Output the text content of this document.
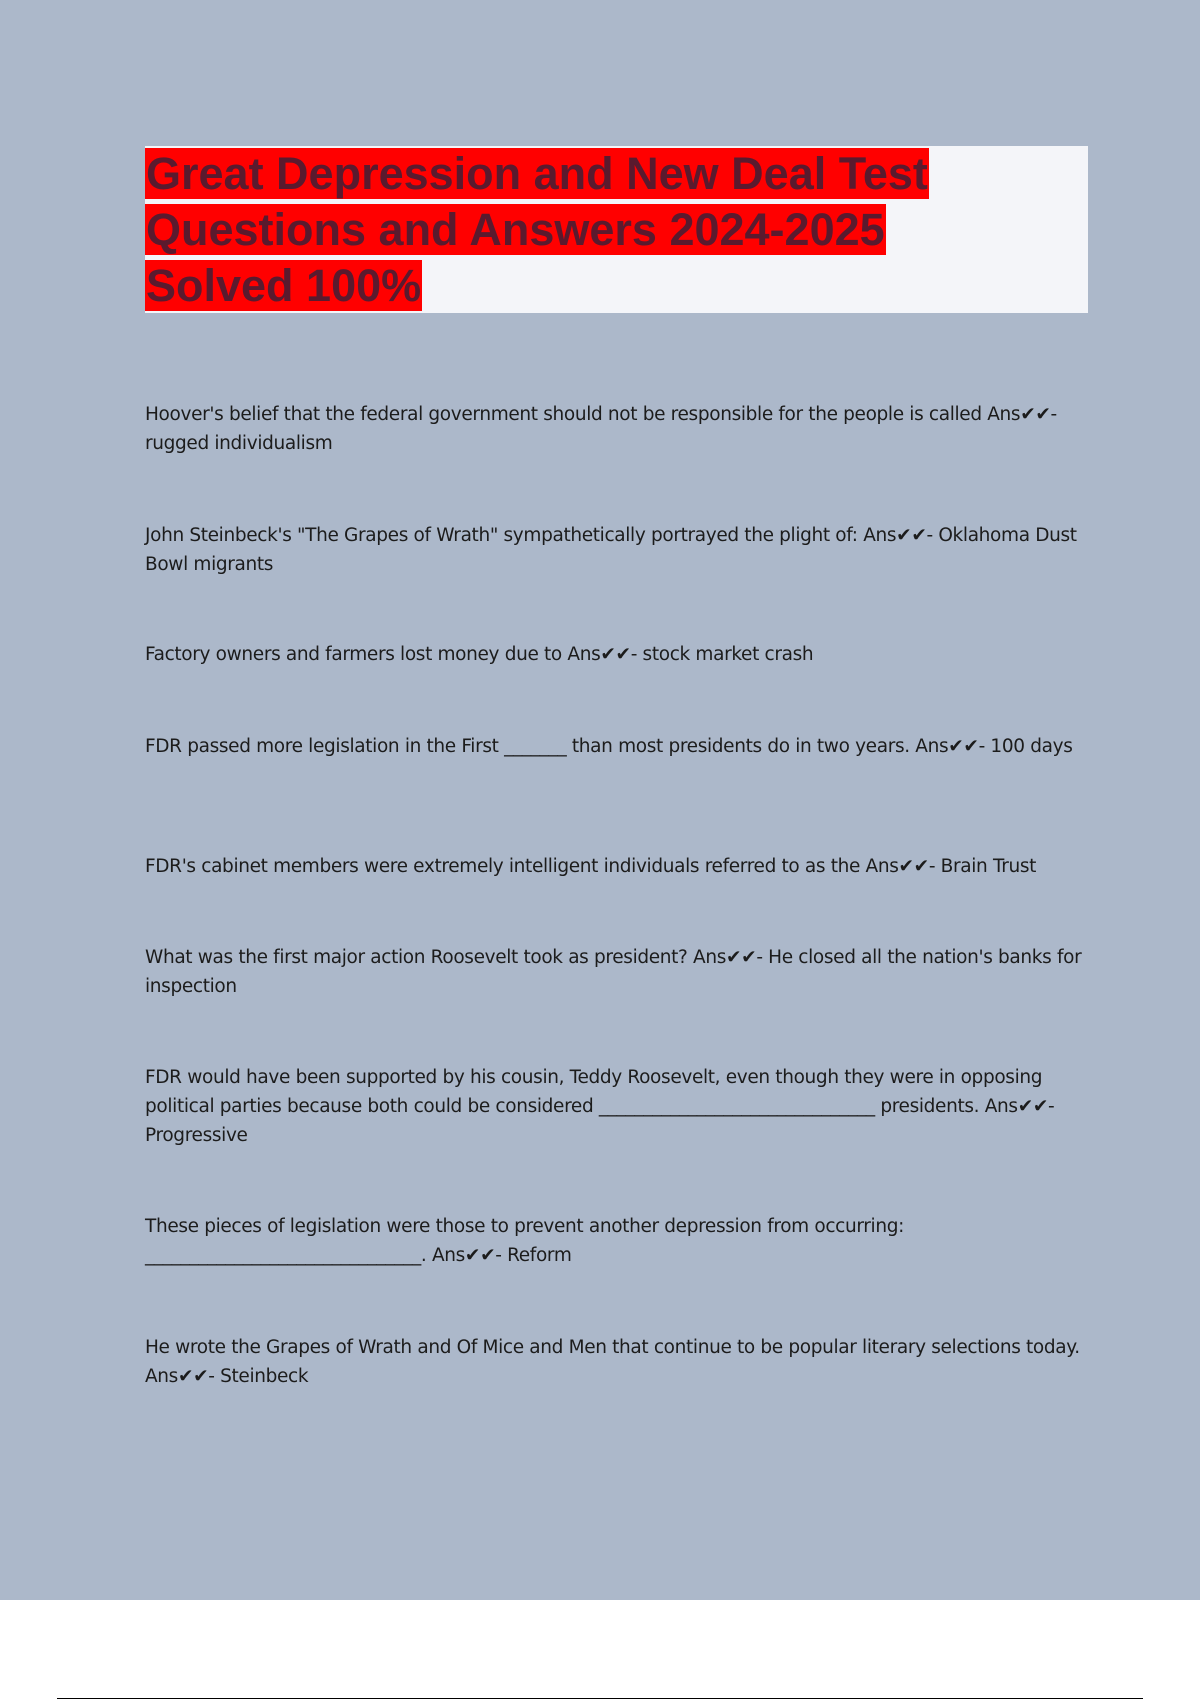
Great Depression and New Deal Test
Questions and Answers 2024-2025
Solved 100%

Hoover's belief that the federal government should not be responsible for the people is called Ans✔✔- rugged individualism

John Steinbeck's "The Grapes of Wrath" sympathetically portrayed the plight of: Ans✔✔- Oklahoma Dust Bowl migrants

Factory owners and farmers lost money due to Ans✔✔- stock market crash

FDR passed more legislation in the First _______ than most presidents do in two years. Ans✔✔- 100 days

FDR's cabinet members were extremely intelligent individuals referred to as the Ans✔✔- Brain Trust

What was the first major action Roosevelt took as president? Ans✔✔- He closed all the nation's banks for inspection

FDR would have been supported by his cousin, Teddy Roosevelt, even though they were in opposing political parties because both could be considered _______________________________ presidents. Ans✔✔- Progressive

These pieces of legislation were those to prevent another depression from occurring: _______________________________. Ans✔✔- Reform

He wrote the Grapes of Wrath and Of Mice and Men that continue to be popular literary selections today. Ans✔✔- Steinbeck
